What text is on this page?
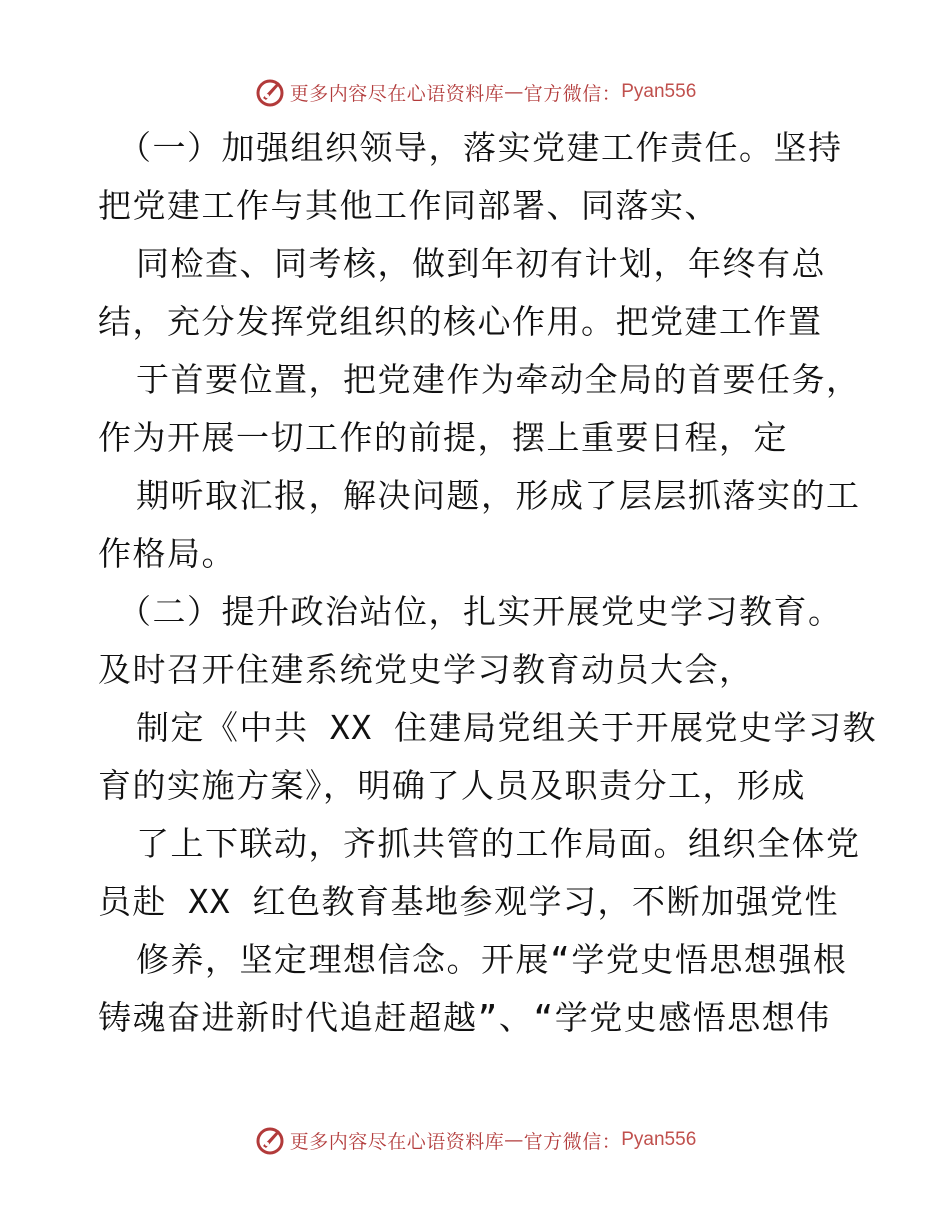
更多内容尽在心语资料库 — 官方微信： Pyan556
（一）加强组织领导，落实党建工作责任。坚持
把党建工作与其他工作同部署、同落实、
同检查、同考核，做到年初有计划，年终有总
结，充分发挥党组织的核心作用。把党建工作置
于首要位置，把党建作为牵动全局的首要任务，
作为开展一切工作的前提，摆上重要日程，定
期听取汇报，解决问题，形成了层层抓落实的工
作格局。
（二）提升政治站位，扎实开展党史学习教育。
及时召开住建系统党史学习教育动员大会，
制定《中共 XX 住建局党组关于开展党史学习教
育的实施方案》，明确了人员及职责分工，形成
了上下联动，齐抓共管的工作局面。组织全体党
员赴 XX 红色教育基地参观学习，不断加强党性
修养，坚定理想信念。开展“学党史悟思想强根
铸魂奋进新时代追赶超越”、“学党史感悟思想伟
更多内容尽在心语资料库 — 官方微信： Pyan556
